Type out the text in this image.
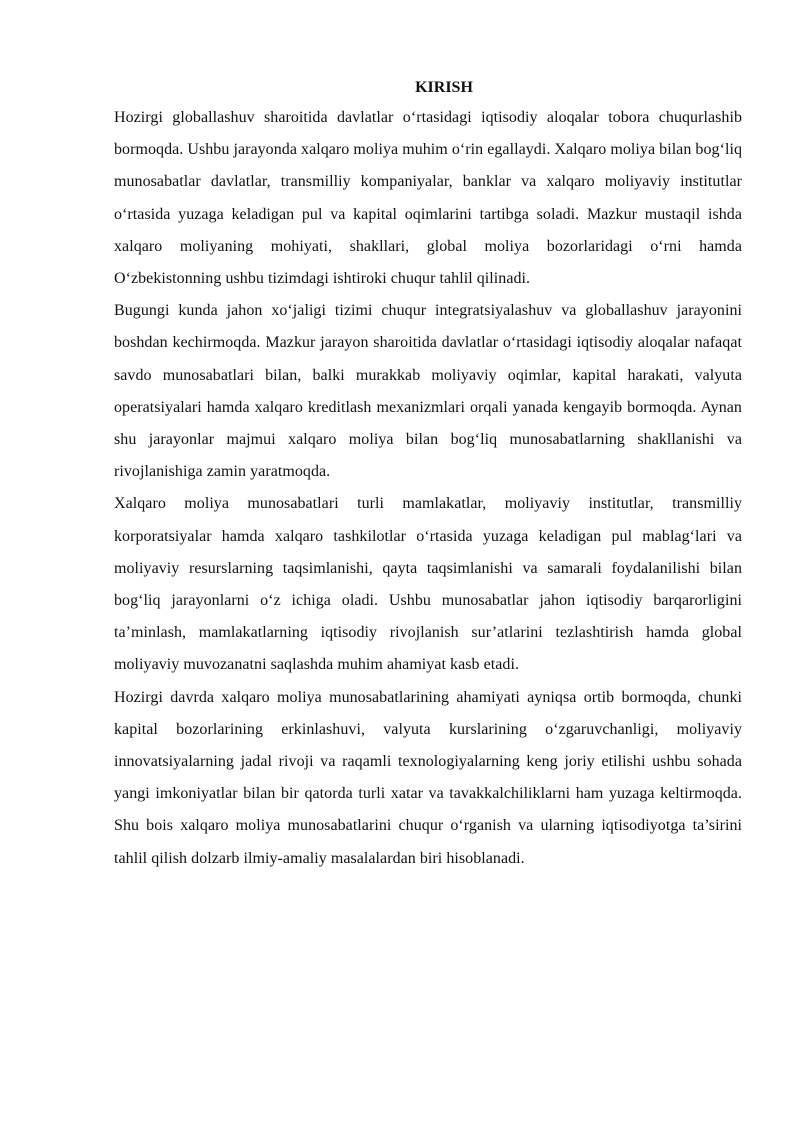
KIRISH

Hozirgi globallashuv sharoitida davlatlar o‘rtasidagi iqtisodiy aloqalar tobora chuqurlashib bormoqda. Ushbu jarayonda xalqaro moliya muhim o‘rin egallaydi. Xalqaro moliya bilan bog‘liq munosabatlar davlatlar, transmilliy kompaniyalar, banklar va xalqaro moliyaviy institutlar o‘rtasida yuzaga keladigan pul va kapital oqimlarini tartibga soladi. Mazkur mustaqil ishda xalqaro moliyaning mohiyati, shakllari, global moliya bozorlaridagi o‘rni hamda O‘zbekistonning ushbu tizimdagi ishtiroki chuqur tahlil qilinadi.

Bugungi kunda jahon xo‘jaligi tizimi chuqur integratsiyalashuv va globallashuv jarayonini boshdan kechirmoqda. Mazkur jarayon sharoitida davlatlar o‘rtasidagi iqtisodiy aloqalar nafaqat savdo munosabatlari bilan, balki murakkab moliyaviy oqimlar, kapital harakati, valyuta operatsiyalari hamda xalqaro kreditlash mexanizmlari orqali yanada kengayib bormoqda. Aynan shu jarayonlar majmui xalqaro moliya bilan bog‘liq munosabatlarning shakllanishi va rivojlanishiga zamin yaratmoqda.

Xalqaro moliya munosabatlari turli mamlakatlar, moliyaviy institutlar, transmilliy korporatsiyalar hamda xalqaro tashkilotlar o‘rtasida yuzaga keladigan pul mablag‘lari va moliyaviy resurslarning taqsimlanishi, qayta taqsimlanishi va samarali foydalanilishi bilan bog‘liq jarayonlarni o‘z ichiga oladi. Ushbu munosabatlar jahon iqtisodiy barqarorligini ta’minlash, mamlakatlarning iqtisodiy rivojlanish sur’atlarini tezlashtirish hamda global moliyaviy muvozanatni saqlashda muhim ahamiyat kasb etadi.

Hozirgi davrda xalqaro moliya munosabatlarining ahamiyati ayniqsa ortib bormoqda, chunki kapital bozorlarining erkinlashuvi, valyuta kurslarining o‘zgaruvchanligi, moliyaviy innovatsiyalarning jadal rivoji va raqamli texnologiyalarning keng joriy etilishi ushbu sohada yangi imkoniyatlar bilan bir qatorda turli xatar va tavakkalchiliklarni ham yuzaga keltirmoqda. Shu bois xalqaro moliya munosabatlarini chuqur o‘rganish va ularning iqtisodiyotga ta’sirini tahlil qilish dolzarb ilmiy-amaliy masalalardan biri hisoblanadi.
